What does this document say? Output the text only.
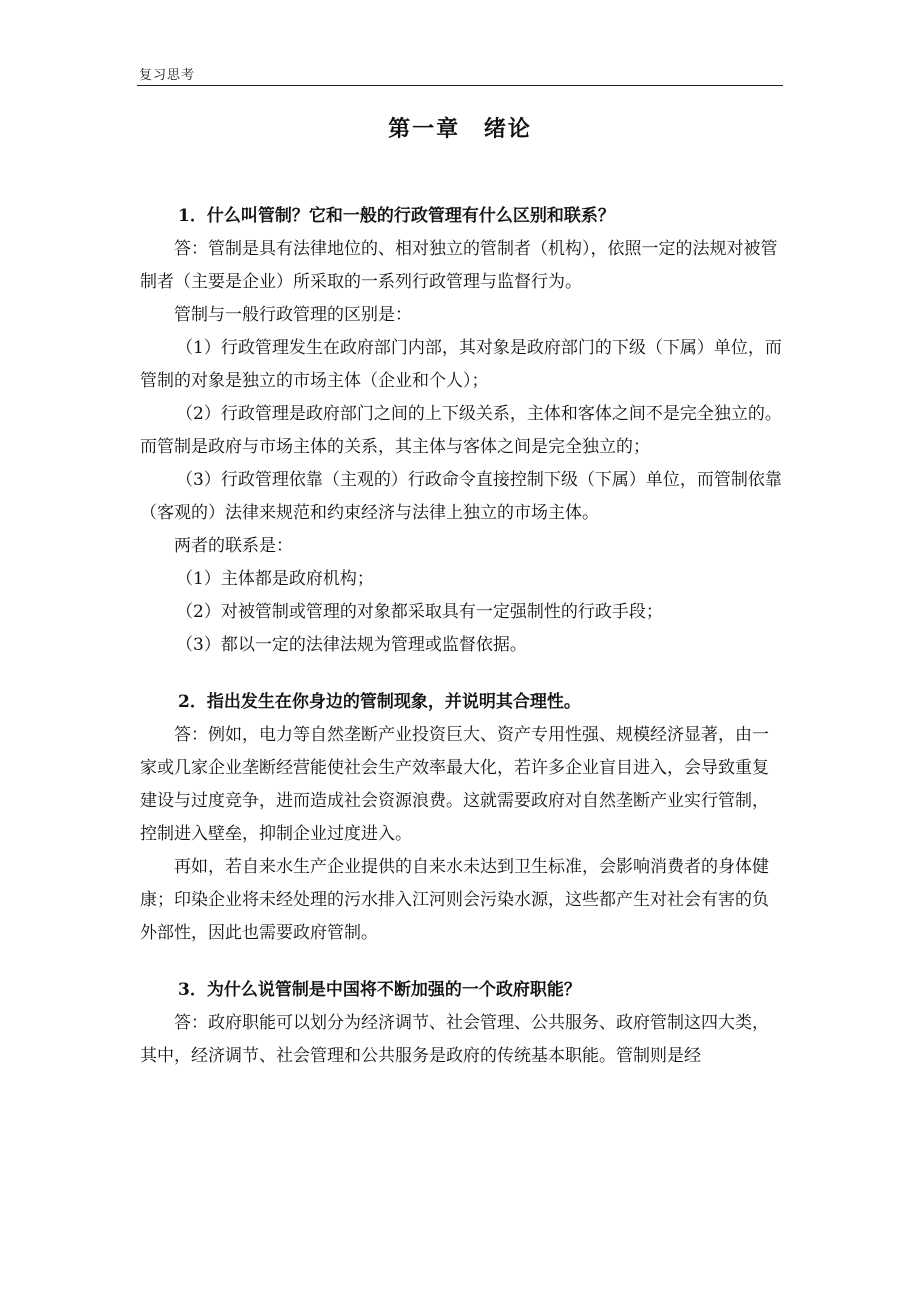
复习思考
第一章 绪论

1．什么叫管制？它和一般的行政管理有什么区别和联系？

答：管制是具有法律地位的、相对独立的管制者（机构），依照一定的法规对被管制者（主要是企业）所采取的一系列行政管理与监督行为。

管制与一般行政管理的区别是：

（1）行政管理发生在政府部门内部，其对象是政府部门的下级（下属）单位，而管制的对象是独立的市场主体（企业和个人）；

（2）行政管理是政府部门之间的上下级关系，主体和客体之间不是完全独立的。而管制是政府与市场主体的关系，其主体与客体之间是完全独立的；

（3）行政管理依靠（主观的）行政命令直接控制下级（下属）单位，而管制依靠（客观的）法律来规范和约束经济与法律上独立的市场主体。

两者的联系是：

（1）主体都是政府机构；

（2）对被管制或管理的对象都采取具有一定强制性的行政手段；

（3）都以一定的法律法规为管理或监督依据。

2．指出发生在你身边的管制现象，并说明其合理性。

答：例如，电力等自然垄断产业投资巨大、资产专用性强、规模经济显著，由一家或几家企业垄断经营能使社会生产效率最大化，若许多企业盲目进入，会导致重复建设与过度竞争，进而造成社会资源浪费。这就需要政府对自然垄断产业实行管制，控制进入壁垒，抑制企业过度进入。

再如，若自来水生产企业提供的自来水未达到卫生标准，会影响消费者的身体健康；印染企业将未经处理的污水排入江河则会污染水源，这些都产生对社会有害的负外部性，因此也需要政府管制。

3．为什么说管制是中国将不断加强的一个政府职能？

答：政府职能可以划分为经济调节、社会管理、公共服务、政府管制这四大类，其中，经济调节、社会管理和公共服务是政府的传统基本职能。管制则是经
